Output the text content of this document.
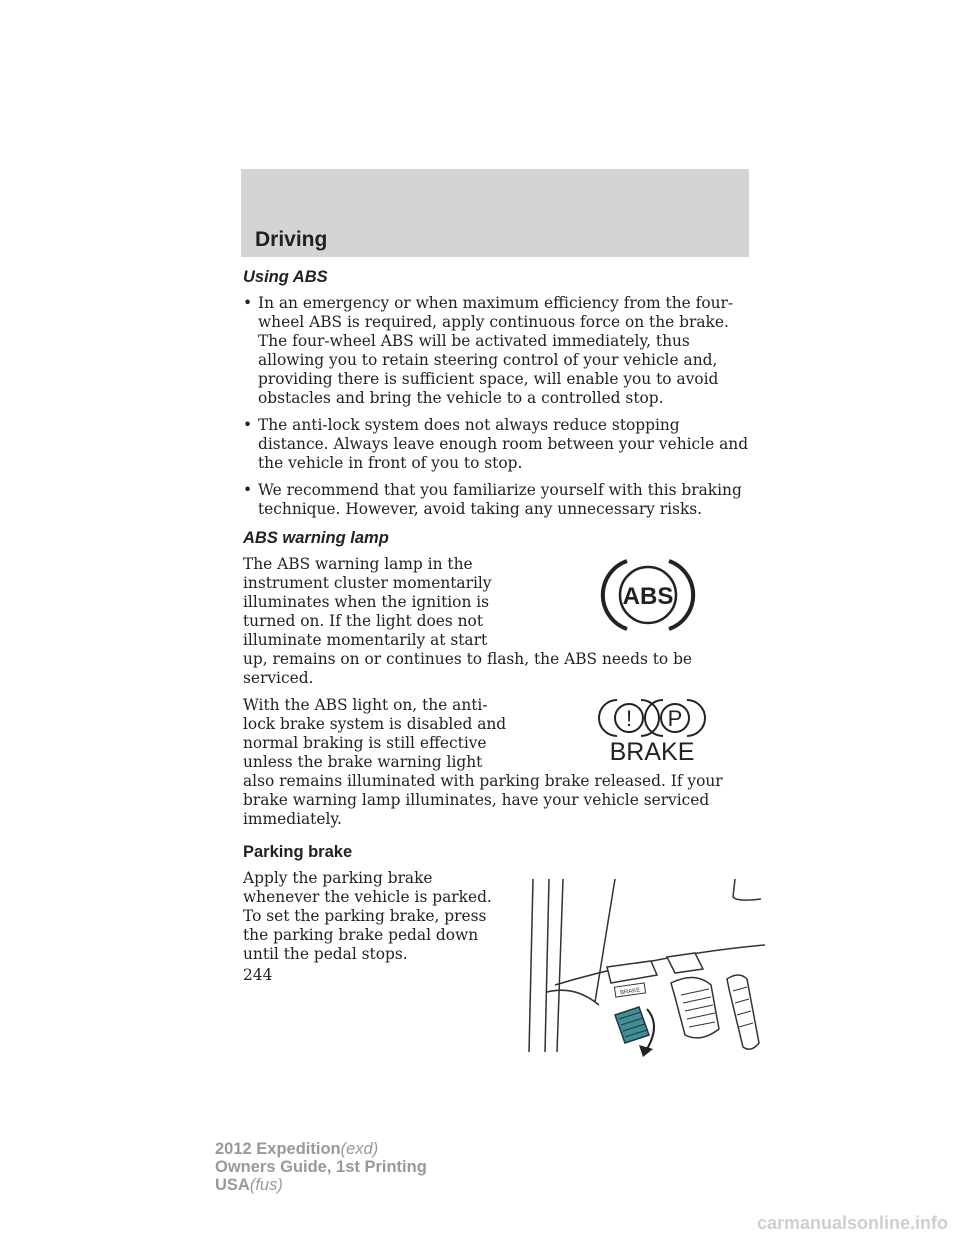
Driving
Using ABS
• In an emergency or when maximum efficiency from the four-wheel ABS is required, apply continuous force on the brake. The four-wheel ABS will be activated immediately, thus allowing you to retain steering control of your vehicle and, providing there is sufficient space, will enable you to avoid obstacles and bring the vehicle to a controlled stop.
• The anti-lock system does not always reduce stopping distance. Always leave enough room between your vehicle and the vehicle in front of you to stop.
• We recommend that you familiarize yourself with this braking technique. However, avoid taking any unnecessary risks.
ABS warning lamp
ABS

The ABS warning lamp in the instrument cluster momentarily illuminates when the ignition is turned on. If the light does not illuminate momentarily at start up, remains on or continues to flash, the ABS needs to be serviced.

! P
BRAKE

With the ABS light on, the anti-lock brake system is disabled and normal braking is still effective unless the brake warning light also remains illuminated with parking brake released. If your brake warning lamp illuminates, have your vehicle serviced immediately.

Parking brake
BRAKE

Apply the parking brake whenever the vehicle is parked. To set the parking brake, press the parking brake pedal down until the pedal stops.

244
2012 Expedition(exd)
Owners Guide, 1st Printing
USA(fus)
carmanualsonline.info
